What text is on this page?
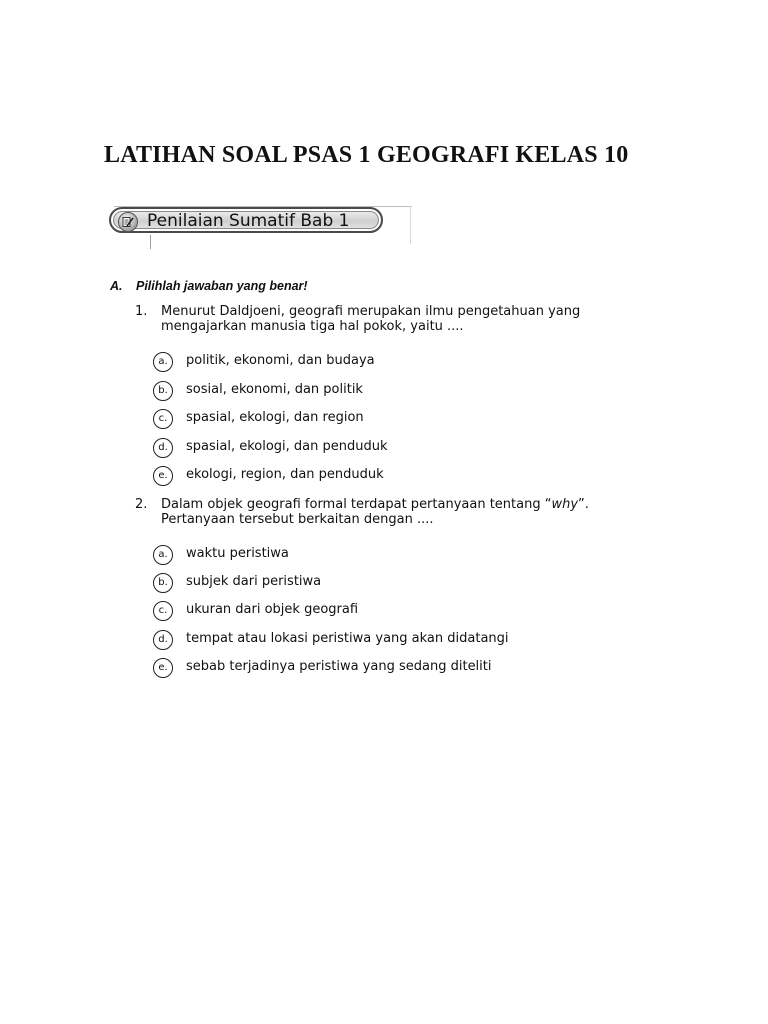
LATIHAN SOAL PSAS 1 GEOGRAFI KELAS 10
Penilaian Sumatif Bab 1
A. Pilihlah jawaban yang benar!
1.	Menurut Daldjoeni, geografi merupakan ilmu pengetahuan yang
mengajarkan manusia tiga hal pokok, yaitu ....
a.	politik, ekonomi, dan budaya
b.	sosial, ekonomi, dan politik
c.	spasial, ekologi, dan region
d.	spasial, ekologi, dan penduduk
e.	ekologi, region, dan penduduk
2.	Dalam objek geografi formal terdapat pertanyaan tentang “why”.
Pertanyaan tersebut berkaitan dengan ....
a.	waktu peristiwa
b.	subjek dari peristiwa
c.	ukuran dari objek geografi
d.	tempat atau lokasi peristiwa yang akan didatangi
e.	sebab terjadinya peristiwa yang sedang diteliti
